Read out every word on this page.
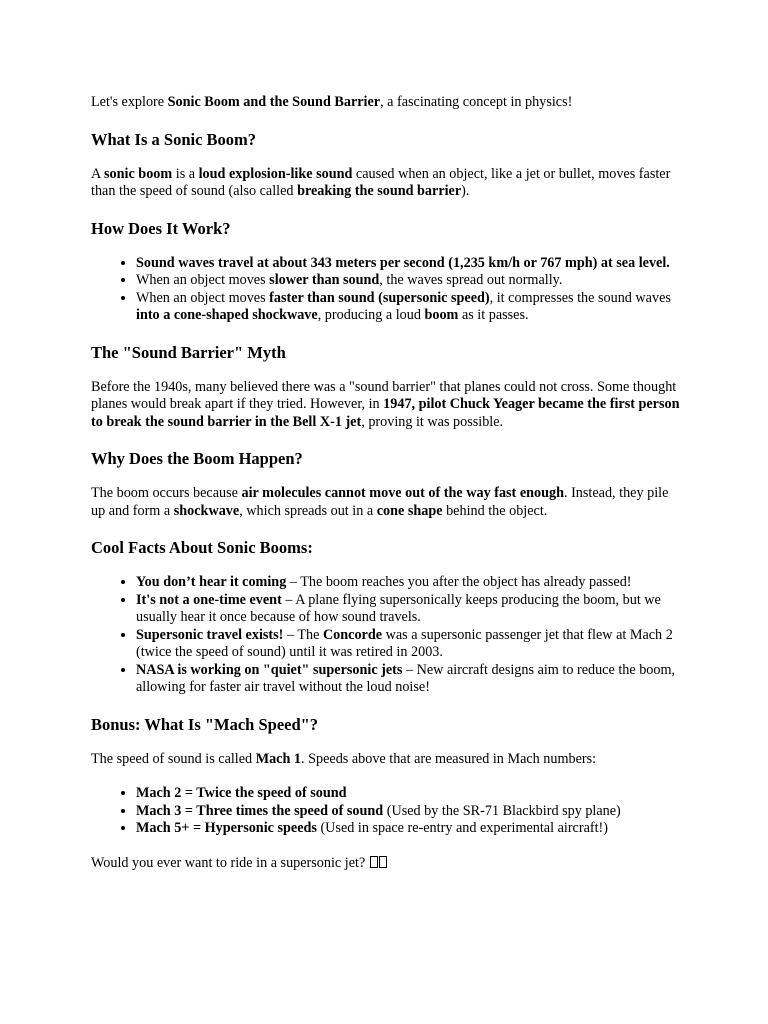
Let's explore Sonic Boom and the Sound Barrier, a fascinating concept in physics!

What Is a Sonic Boom?

A sonic boom is a loud explosion-like sound caused when an object, like a jet or bullet, moves faster than the speed of sound (also called breaking the sound barrier).

How Does It Work?
• Sound waves travel at about 343 meters per second (1,235 km/h or 767 mph) at sea level.
• When an object moves slower than sound, the waves spread out normally.
• When an object moves faster than sound (supersonic speed), it compresses the sound waves into a cone-shaped shockwave, producing a loud boom as it passes.
The "Sound Barrier" Myth

Before the 1940s, many believed there was a "sound barrier" that planes could not cross. Some thought planes would break apart if they tried. However, in 1947, pilot Chuck Yeager became the first person to break the sound barrier in the Bell X-1 jet, proving it was possible.

Why Does the Boom Happen?

The boom occurs because air molecules cannot move out of the way fast enough. Instead, they pile up and form a shockwave, which spreads out in a cone shape behind the object.

Cool Facts About Sonic Booms:
• You don’t hear it coming – The boom reaches you after the object has already passed!
• It's not a one-time event – A plane flying supersonically keeps producing the boom, but we usually hear it once because of how sound travels.
• Supersonic travel exists! – The Concorde was a supersonic passenger jet that flew at Mach 2 (twice the speed of sound) until it was retired in 2003.
• NASA is working on "quiet" supersonic jets – New aircraft designs aim to reduce the boom, allowing for faster air travel without the loud noise!
Bonus: What Is "Mach Speed"?

The speed of sound is called Mach 1. Speeds above that are measured in Mach numbers:

• Mach 2 = Twice the speed of sound
• Mach 3 = Three times the speed of sound (Used by the SR-71 Blackbird spy plane)
• Mach 5+ = Hypersonic speeds (Used in space re-entry and experimental aircraft!)

Would you ever want to ride in a supersonic jet?
